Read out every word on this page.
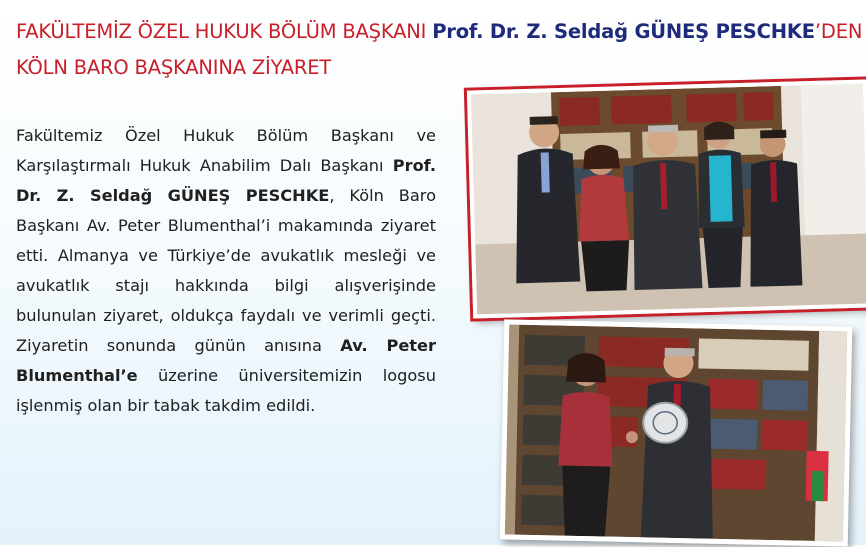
FAKÜLTEMİZ ÖZEL HUKUK BÖLÜM BAŞKANI Prof. Dr. Z. Seldağ GÜNEŞ PESCHKE’DEN KÖLN BARO BAŞKANINA ZİYARET
Fakültemiz Özel Hukuk Bölüm Başkanı ve Karşılaştırmalı Hukuk Anabilim Dalı Başkanı Prof. Dr. Z. Seldağ GÜNEŞ PESCHKE, Köln Baro Başkanı Av. Peter Blumenthal’i makamında ziyaret etti. Almanya ve Türkiye’de avukatlık mesleği ve avukatlık stajı hakkında bilgi alışverişinde bulunulan ziyaret, oldukça faydalı ve verimli geçti. Ziyaretin sonunda günün anısına Av. Peter Blumenthal’e üzerine üniversitemizin logosu işlenmiş olan bir tabak takdim edildi.
